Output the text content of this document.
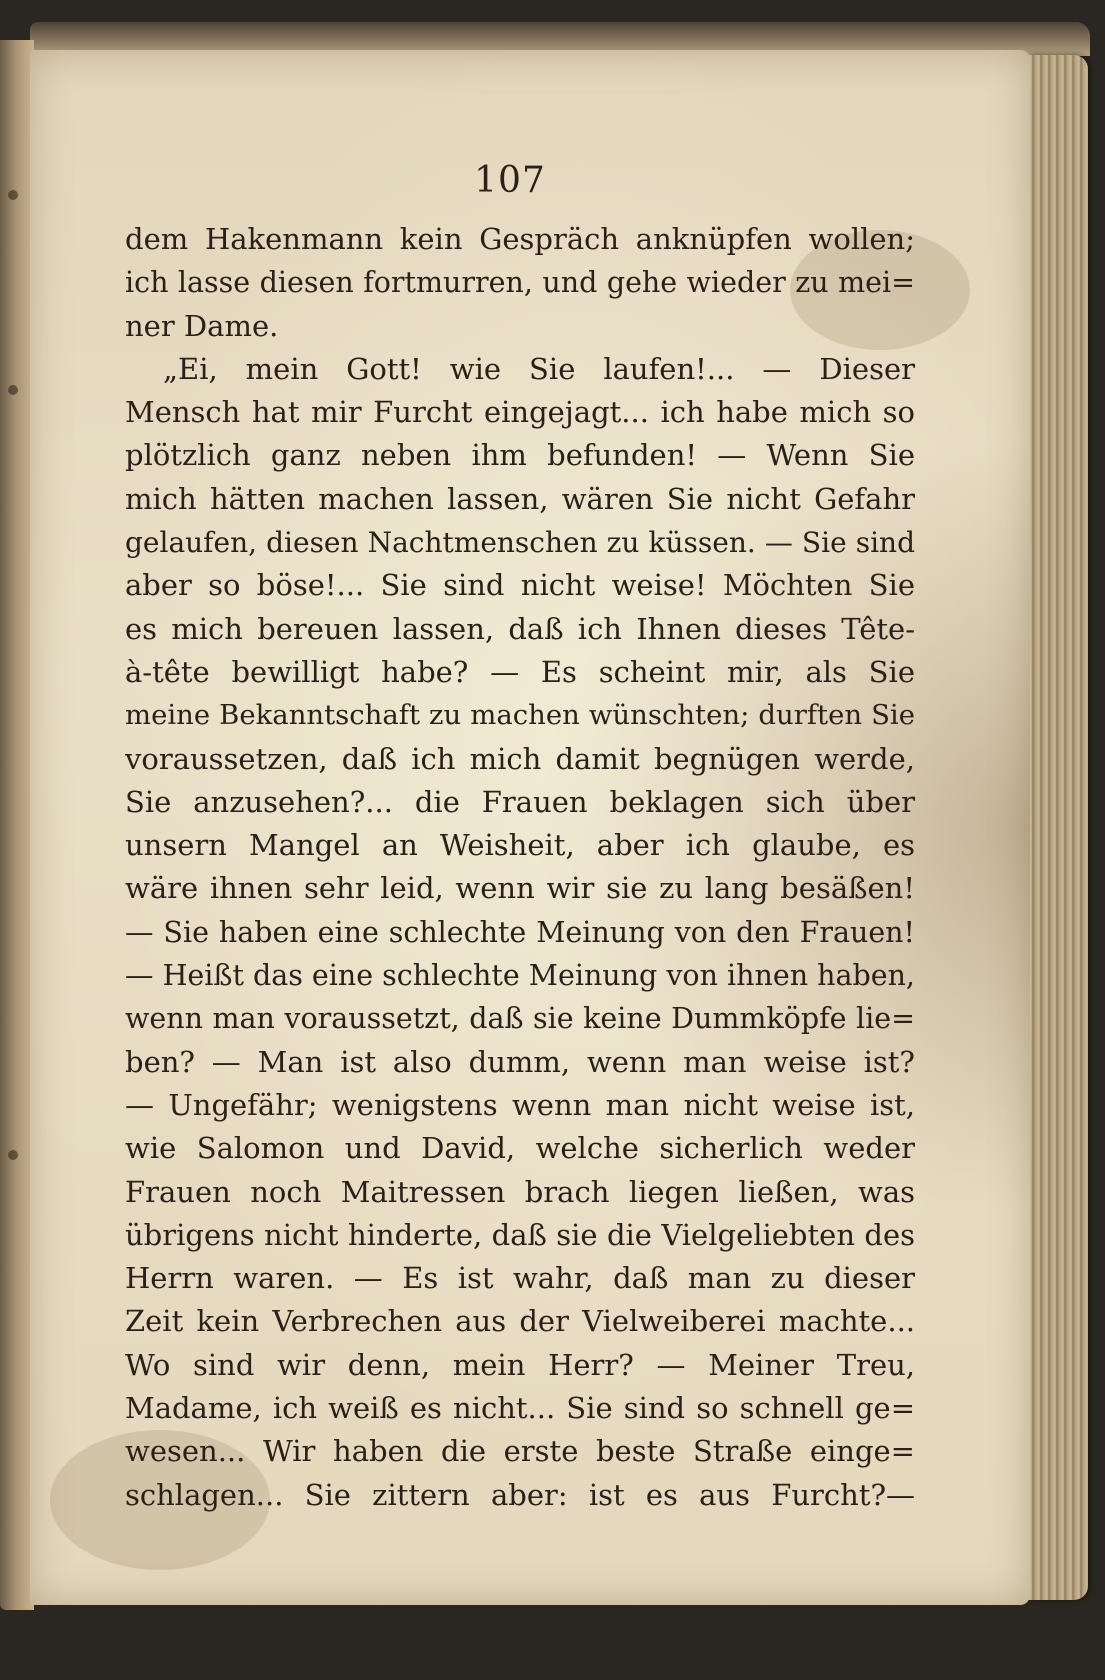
107
dem Hakenmann kein Gespräch anknüpfen wollen;
ich lasse diesen fortmurren, und gehe wieder zu mei=
ner Dame.
„Ei, mein Gott! wie Sie laufen!... — Dieser
Mensch hat mir Furcht eingejagt... ich habe mich so
plötzlich ganz neben ihm befunden! — Wenn Sie
mich hätten machen lassen, wären Sie nicht Gefahr
gelaufen, diesen Nachtmenschen zu küssen. — Sie sind
aber so böse!... Sie sind nicht weise! Möchten Sie
es mich bereuen lassen, daß ich Ihnen dieses Tête-
à-tête bewilligt habe? — Es scheint mir, als Sie
meine Bekanntschaft zu machen wünschten; durften Sie
voraussetzen, daß ich mich damit begnügen werde,
Sie anzusehen?... die Frauen beklagen sich über
unsern Mangel an Weisheit, aber ich glaube, es
wäre ihnen sehr leid, wenn wir sie zu lang besäßen!
— Sie haben eine schlechte Meinung von den Frauen!
— Heißt das eine schlechte Meinung von ihnen haben,
wenn man voraussetzt, daß sie keine Dummköpfe lie=
ben? — Man ist also dumm, wenn man weise ist?
— Ungefähr; wenigstens wenn man nicht weise ist,
wie Salomon und David, welche sicherlich weder
Frauen noch Maitressen brach liegen ließen, was
übrigens nicht hinderte, daß sie die Vielgeliebten des
Herrn waren. — Es ist wahr, daß man zu dieser
Zeit kein Verbrechen aus der Vielweiberei machte...
Wo sind wir denn, mein Herr? — Meiner Treu,
Madame, ich weiß es nicht... Sie sind so schnell ge=
wesen... Wir haben die erste beste Straße einge=
schlagen... Sie zittern aber: ist es aus Furcht?—
